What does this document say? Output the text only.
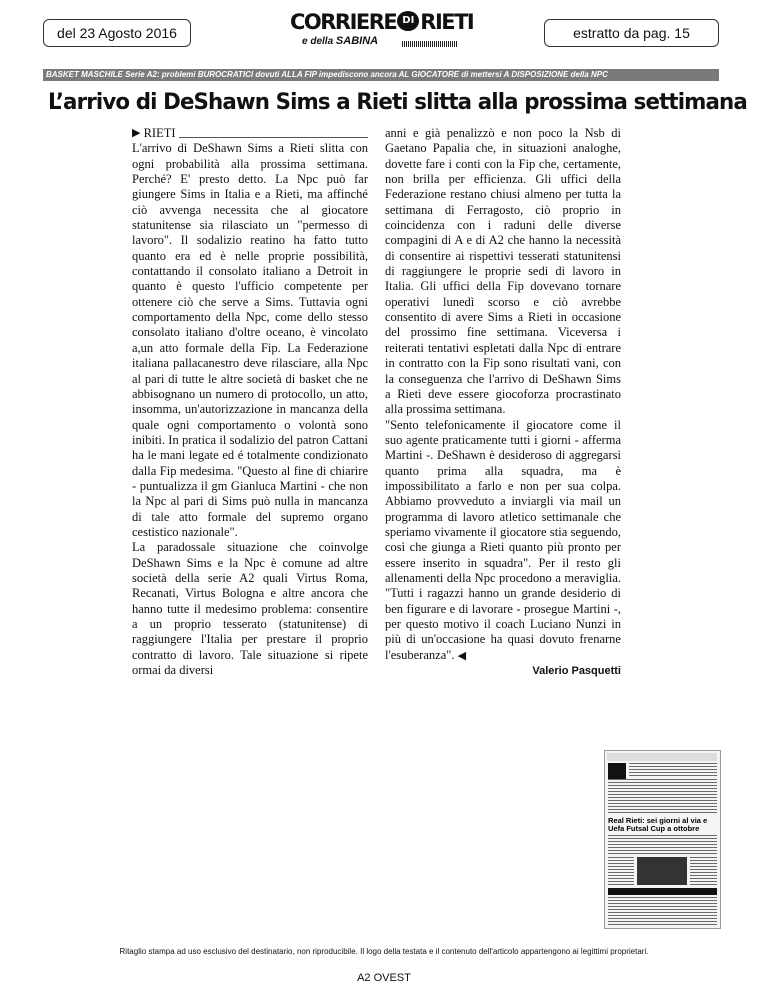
del 23 Agosto 2016	CORRIERE DI RIETI
e della SABINA	estratto da pag. 15
BASKET MASCHILE Serie A2: problemi BUROCRATICI dovuti ALLA FIP impediscono ancora AL GIOCATORE di mettersi A DISPOSIZIONE della NPC
L’arrivo di DeShawn Sims a Rieti slitta alla prossima settimana
▶
RIETI

L'arrivo di DeShawn Sims a Rieti slitta con ogni probabilità alla prossima settimana. Perché? E' presto detto. La Npc può far giungere Sims in Italia e a Rieti, ma affinché ciò avvenga necessita che al giocatore statunitense sia rilasciato un "permesso di lavoro". Il sodalizio reatino ha fatto tutto quanto era ed è nelle proprie possibilità, contattando il consolato italiano a Detroit in quanto è questo l'ufficio competente per ottenere ciò che serve a Sims. Tuttavia ogni comportamento della Npc, come dello stesso consolato italiano d'oltre oceano, è vincolato a,un atto formale della Fip. La Federazione italiana pallacanestro deve rilasciare, alla Npc al pari di tutte le altre società di basket che ne abbisognano un numero di protocollo, un atto, insomma, un'autorizzazione in mancanza della quale ogni comportamento o volontà sono inibiti. In pratica il sodalizio del patron Cattani ha le mani legate ed é totalmente condizionato dalla Fip medesima. "Questo al fine di chiarire - puntualizza il gm Gianluca Martini - che non la Npc al pari di Sims può nulla in mancanza di tale atto formale del supremo organo cestistico nazionale".

La paradossale situazione che coinvolge DeShawn Sims e la Npc è comune ad altre società della serie A2 quali Virtus Roma, Recanati, Virtus Bologna e altre ancora che hanno tutte il medesimo problema: consentire a un proprio tesserato (statunitense) di raggiungere l'Italia per prestare il proprio contratto di lavoro. Tale situazione si ripete ormai da diversi

anni e già penalizzò e non poco la Nsb di Gaetano Papalia che, in situazioni analoghe, dovette fare i conti con la Fip che, certamente, non brilla per efficienza. Gli uffici della Federazione restano chiusi almeno per tutta la settimana di Ferragosto, ciò proprio in coincidenza con i raduni delle diverse compagini di A e di A2 che hanno la necessità di consentire ai rispettivi tesserati statunitensi di raggiungere le proprie sedi di lavoro in Italia. Gli uffici della Fip dovevano tornare operativi lunedì scorso e ciò avrebbe consentito di avere Sims a Rieti in occasione del prossimo fine settimana. Viceversa i reiterati tentativi espletati dalla Npc di entrare in contratto con la Fip sono risultati vani, con la conseguenza che l'arrivo di DeShawn Sims a Rieti deve essere giocoforza procrastinato alla prossima settimana.

"Sento telefonicamente il giocatore come il suo agente praticamente tutti i giorni - afferma Martini -. DeShawn è desideroso di aggregarsi quanto prima alla squadra, ma è impossibilitato a farlo e non per sua colpa. Abbiamo provveduto a inviargli via mail un programma di lavoro atletico settimanale che speriamo vivamente il giocatore stia seguendo, così che giunga a Rieti quanto più pronto per essere inserito in squadra". Per il resto gli allenamenti della Npc procedono a meraviglia. "Tutti i ragazzi hanno un grande desiderio di ben figurare e di lavorare - prosegue Martini -, per questo motivo il coach Luciano Nunzi in più di un'occasione ha quasi dovuto frenarne l'esuberanza". ◀

Valerio Pasquetti
Real Rieti: sei giorni al via e Uefa Futsal Cup a ottobre
Ritaglio stampa ad uso esclusivo del destinatario, non riproducibile. Il logo della testata e il contenuto dell'articolo appartengono ai legittimi proprietari.
A2 OVEST
